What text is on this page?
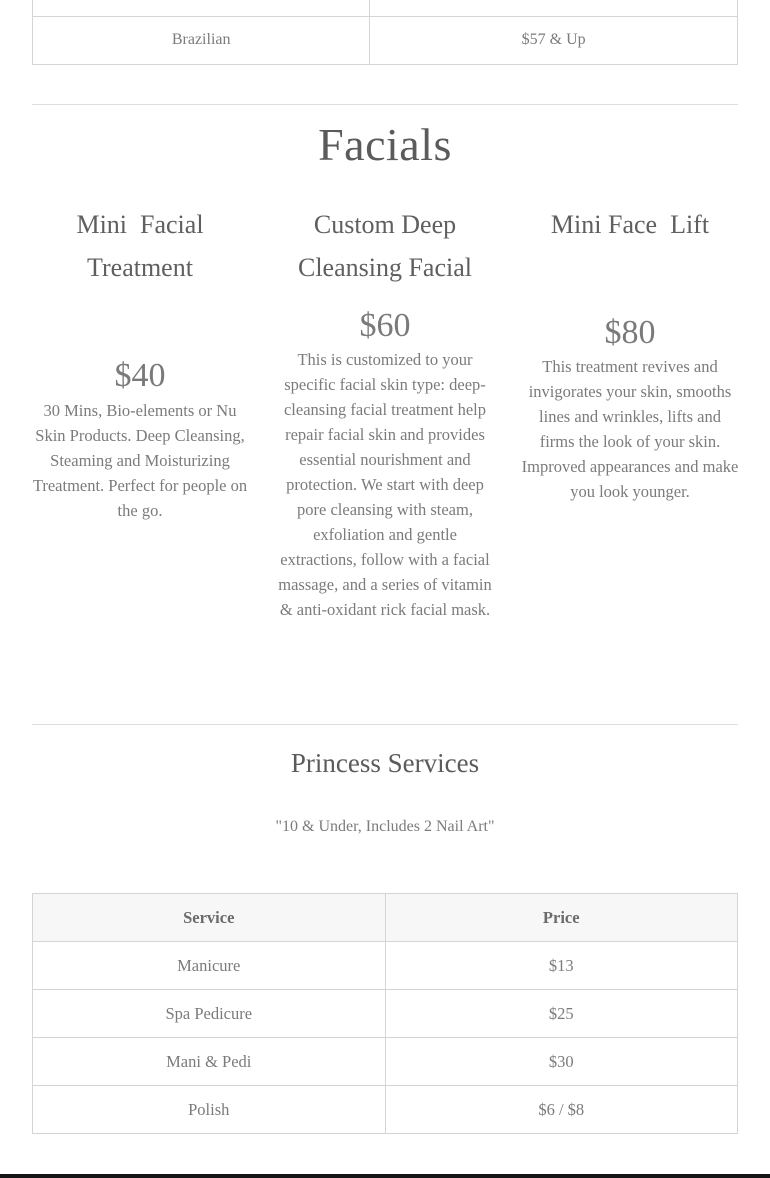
Brazilian	$57 & Up
Facials
Mini  Facial
Treatment
$40

30 Mins, Bio-elements or Nu Skin Products. Deep Cleansing, Steaming and Moisturizing Treatment. Perfect for people on the go.

Custom Deep
Cleansing Facial
$60

This is customized to your specific facial skin type: deep-cleansing facial treatment help repair facial skin and provides essential nourishment and protection. We start with deep pore cleansing with steam, exfoliation and gentle extractions, follow with a facial massage, and a series of vitamin & anti-oxidant rick facial mask.

Mini Face  Lift
$80

This treatment revives and invigorates your skin, smooths lines and wrinkles, lifts and firms the look of your skin. Improved appearances and make you look younger.

Princess Services

"10 & Under, Includes 2 Nail Art"

Service	Price
Manicure	$13
Spa Pedicure	$25
Mani & Pedi	$30
Polish	$6 / $8
